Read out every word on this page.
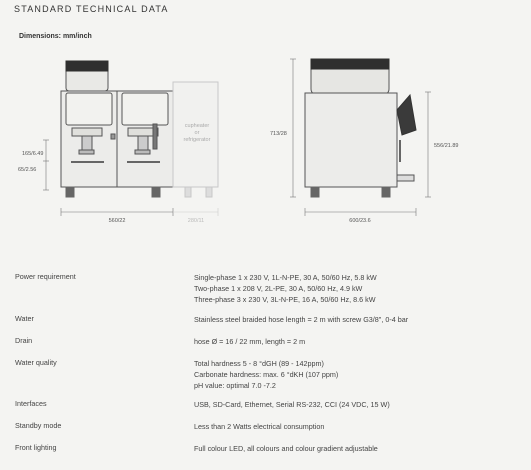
STANDARD TECHNICAL DATA
Dimensions: mm/inch
cupheater
or
refrigerator
165/6.49
65/2.56
560/22	280/11
713/28
556/21.89
600/23.6
Power requirement	Single-phase 1 x 230 V, 1L-N-PE, 30 A, 50/60 Hz, 5.8 kW
Two-phase 1 x 208 V, 2L-PE, 30 A, 50/60 Hz, 4.9 kW
Three-phase 3 x 230 V, 3L-N-PE, 16 A, 50/60 Hz, 8.6 kW
Water	Stainless steel braided hose length = 2 m with screw G3/8", 0-4 bar
Drain	hose Ø = 16 / 22 mm, length = 2 m
Water quality	Total hardness 5 - 8 °dGH (89 - 142ppm)
Carbonate hardness: max. 6 °dKH (107 ppm)
pH value: optimal 7.0 -7.2
Interfaces	USB, SD-Card, Ethernet, Serial RS-232, CCI (24 VDC, 15 W)
Standby mode	Less than 2 Watts electrical consumption
Front lighting	Full colour LED, all colours and colour gradient adjustable
